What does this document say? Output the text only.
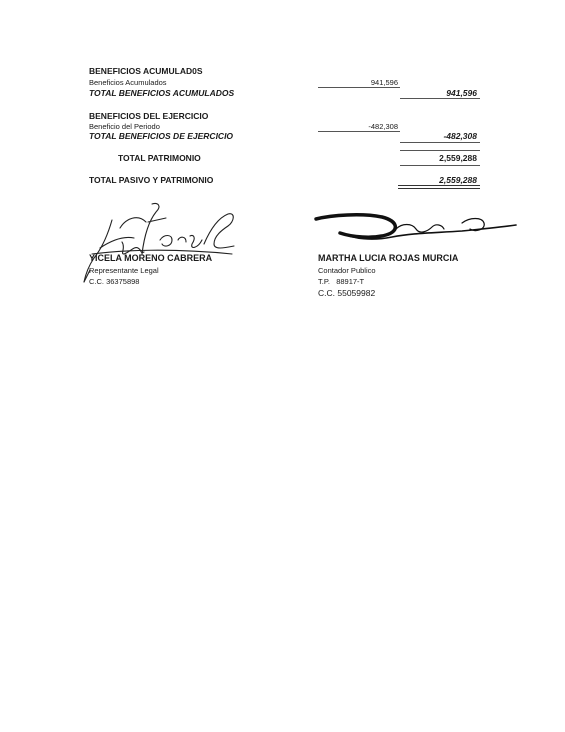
BENEFICIOS ACUMULAD0S
Beneficios Acumulados	941,596
TOTAL BENEFICIOS ACUMULADOS	941,596
BENEFICIOS DEL EJERCICIO
Beneficio del Periodo	-482,308
TOTAL BENEFICIOS DE EJERCICIO	-482,308
TOTAL PATRIMONIO	2,559,288
TOTAL PASIVO Y PATRIMONIO	2,559,288
YICELA MORENO CABRERA
Representante Legal
C.C. 36375898
MARTHA LUCIA ROJAS MURCIA
Contador Publico
T.P.   88917-T
C.C. 55059982
